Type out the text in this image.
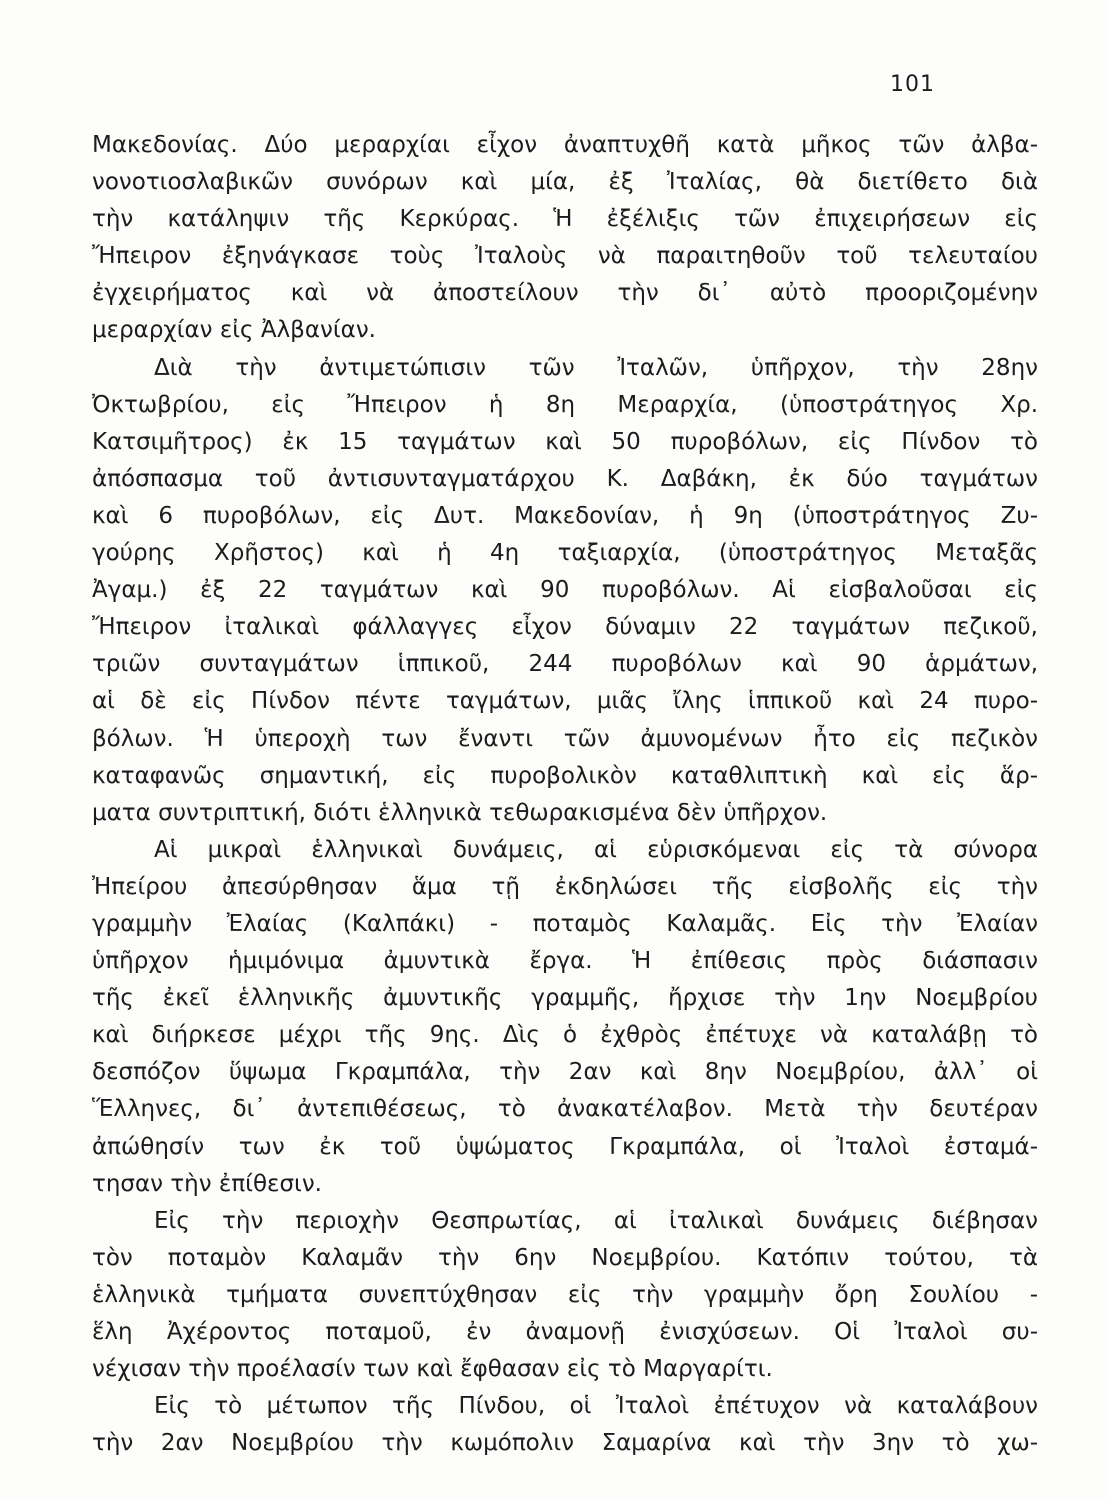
101
Μακεδονίας. Δύο μεραρχίαι εἶχον ἀναπτυχθῆ κατὰ μῆκος τῶν ἀλβα-
νονοτιοσλαβικῶν συνόρων καὶ μία, ἐξ Ἰταλίας, θὰ διετίθετο διὰ
τὴν κατάληψιν τῆς Κερκύρας. Ἡ ἐξέλιξις τῶν ἐπιχειρήσεων εἰς
Ἤπειρον ἐξηνάγκασε τοὺς Ἰταλοὺς νὰ παραιτηθοῦν τοῦ τελευταίου
ἐγχειρήματος καὶ νὰ ἀποστείλουν τὴν δι᾽ αὐτὸ προοριζομένην
μεραρχίαν εἰς Ἀλβανίαν.
Διὰ τὴν ἀντιμετώπισιν τῶν Ἰταλῶν, ὑπῆρχον, τὴν 28ην
Ὀκτωβρίου, εἰς Ἤπειρον ἡ 8η Μεραρχία, (ὑποστράτηγος Χρ.
Κατσιμῆτρος) ἐκ 15 ταγμάτων καὶ 50 πυροβόλων, εἰς Πίνδον τὸ
ἀπόσπασμα τοῦ ἀντισυνταγματάρχου Κ. Δαβάκη, ἐκ δύο ταγμάτων
καὶ 6 πυροβόλων, εἰς Δυτ. Μακεδονίαν, ἡ 9η (ὑποστράτηγος Ζυ-
γούρης Χρῆστος) καὶ ἡ 4η ταξιαρχία, (ὑποστράτηγος Μεταξᾶς
Ἀγαμ.) ἐξ 22 ταγμάτων καὶ 90 πυροβόλων. Αἱ εἰσβαλοῦσαι εἰς
Ἤπειρον ἰταλικαὶ φάλλαγγες εἶχον δύναμιν 22 ταγμάτων πεζικοῦ,
τριῶν συνταγμάτων ἱππικοῦ, 244 πυροβόλων καὶ 90 ἁρμάτων,
αἱ δὲ εἰς Πίνδον πέντε ταγμάτων, μιᾶς ἴλης ἱππικοῦ καὶ 24 πυρο-
βόλων. Ἡ ὑπεροχὴ των ἔναντι τῶν ἀμυνομένων ἦτο εἰς πεζικὸν
καταφανῶς σημαντική, εἰς πυροβολικὸν καταθλιπτικὴ καὶ εἰς ἅρ-
ματα συντριπτική, διότι ἑλληνικὰ τεθωρακισμένα δὲν ὑπῆρχον.
Αἱ μικραὶ ἑλληνικαὶ δυνάμεις, αἱ εὑρισκόμεναι εἰς τὰ σύνορα
Ἠπείρου ἀπεσύρθησαν ἅμα τῇ ἐκδηλώσει τῆς εἰσβολῆς εἰς τὴν
γραμμὴν Ἐλαίας (Καλπάκι) - ποταμὸς Καλαμᾶς. Εἰς τὴν Ἐλαίαν
ὑπῆρχον ἡμιμόνιμα ἀμυντικὰ ἔργα. Ἡ ἐπίθεσις πρὸς διάσπασιν
τῆς ἐκεῖ ἑλληνικῆς ἀμυντικῆς γραμμῆς, ἤρχισε τὴν 1ην Νοεμβρίου
καὶ διήρκεσε μέχρι τῆς 9ης. Δὶς ὁ ἐχθρὸς ἐπέτυχε νὰ καταλάβῃ τὸ
δεσπόζον ὕψωμα Γκραμπάλα, τὴν 2αν καὶ 8ην Νοεμβρίου, ἀλλ᾽ οἱ
Ἕλληνες, δι᾽ ἀντεπιθέσεως, τὸ ἀνακατέλαβον. Μετὰ τὴν δευτέραν
ἀπώθησίν των ἐκ τοῦ ὑψώματος Γκραμπάλα, οἱ Ἰταλοὶ ἐσταμά-
τησαν τὴν ἐπίθεσιν.
Εἰς τὴν περιοχὴν Θεσπρωτίας, αἱ ἰταλικαὶ δυνάμεις διέβησαν
τὸν ποταμὸν Καλαμᾶν τὴν 6ην Νοεμβρίου. Κατόπιν τούτου, τὰ
ἑλληνικὰ τμήματα συνεπτύχθησαν εἰς τὴν γραμμὴν ὄρη Σουλίου -
ἕλη Ἀχέροντος ποταμοῦ, ἐν ἀναμονῇ ἐνισχύσεων. Οἱ Ἰταλοὶ συ-
νέχισαν τὴν προέλασίν των καὶ ἔφθασαν εἰς τὸ Μαργαρίτι.
Εἰς τὸ μέτωπον τῆς Πίνδου, οἱ Ἰταλοὶ ἐπέτυχον νὰ καταλάβουν
τὴν 2αν Νοεμβρίου τὴν κωμόπολιν Σαμαρίνα καὶ τὴν 3ην τὸ χω-
